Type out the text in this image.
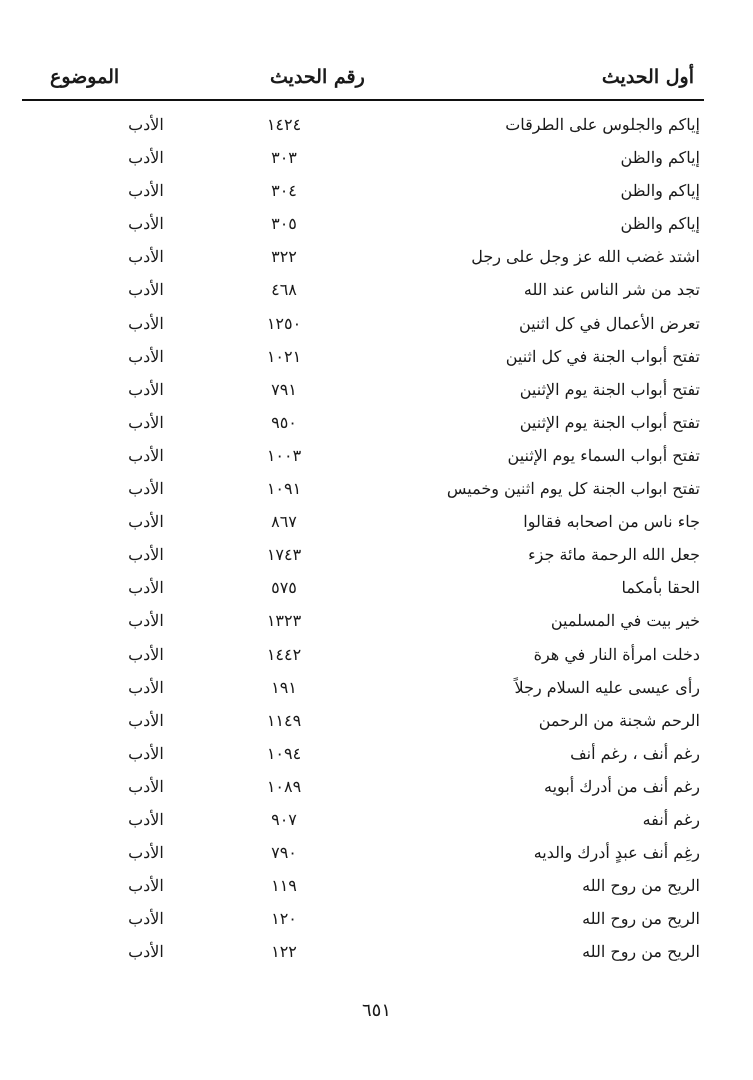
أول الحديث
رقم الحديث
الموضوع
إياكم والجلوس على الطرقات
١٤٢٤
الأدب
إياكم والظن
٣٠٣
الأدب
إياكم والظن
٣٠٤
الأدب
إياكم والظن
٣٠٥
الأدب
اشتد غضب الله عز وجل على رجل
٣٢٢
الأدب
تجد من شر الناس عند الله
٤٦٨
الأدب
تعرض الأعمال في كل اثنين
١٢٥٠
الأدب
تفتح أبواب الجنة في كل اثنين
١٠٢١
الأدب
تفتح أبواب الجنة يوم الإثنين
٧٩١
الأدب
تفتح أبواب الجنة يوم الإثنين
٩٥٠
الأدب
تفتح أبواب السماء يوم الإثنين
١٠٠٣
الأدب
تفتح ابواب الجنة كل يوم اثنين وخميس
١٠٩١
الأدب
جاء ناس من اصحابه فقالوا
٨٦٧
الأدب
جعل الله الرحمة مائة جزء
١٧٤٣
الأدب
الحقا بأمكما
٥٧٥
الأدب
خير بيت في المسلمين
١٣٢٣
الأدب
دخلت امرأة النار في هرة
١٤٤٢
الأدب
رأى عيسى عليه السلام رجلاً
١٩١
الأدب
الرحم شجنة من الرحمن
١١٤٩
الأدب
رغم أنف ، رغم أنف
١٠٩٤
الأدب
رغم أنف من أدرك أبويه
١٠٨٩
الأدب
رغم أنفه
٩٠٧
الأدب
رغِم أنف عبدٍ أدرك والديه
٧٩٠
الأدب
الريح من روح الله
١١٩
الأدب
الريح من روح الله
١٢٠
الأدب
الريح من روح الله
١٢٢
الأدب
٦٥١
